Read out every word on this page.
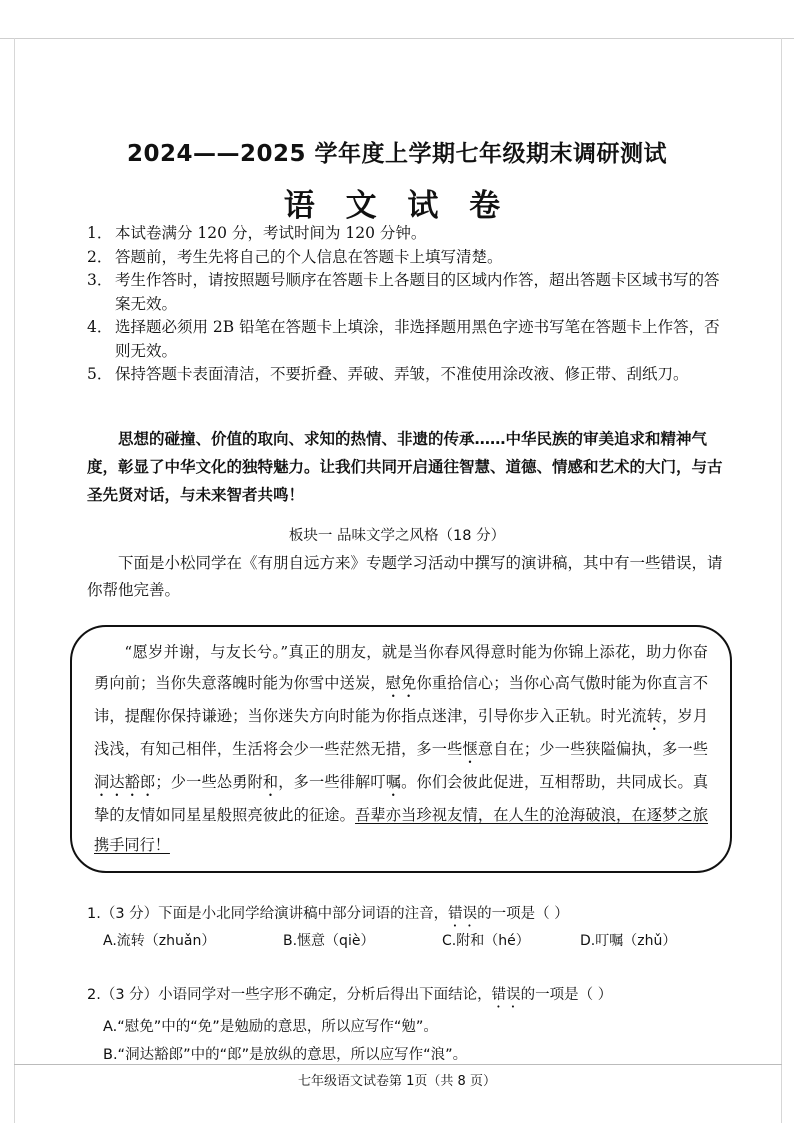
2024——2025 学年度上学期七年级期末调研测试
语 文 试 卷
1． 本试卷满分 120 分，考试时间为 120 分钟。
2． 答题前，考生先将自己的个人信息在答题卡上填写清楚。
3． 考生作答时，请按照题号顺序在答题卡上各题目的区域内作答，超出答题卡区域书写的答案无效。
4． 选择题必须用 2B 铅笔在答题卡上填涂，非选择题用黑色字迹书写笔在答题卡上作答，否则无效。
5． 保持答题卡表面清洁，不要折叠、弄破、弄皱，不准使用涂改液、修正带、刮纸刀。
思想的碰撞、价值的取向、求知的热情、非遗的传承……中华民族的审美追求和精神气度，彰显了中华文化的独特魅力。让我们共同开启通往智慧、道德、情感和艺术的大门，与古圣先贤对话，与未来智者共鸣！
板块一 品味文学之风格（18 分）
下面是小松同学在《有朋自远方来》专题学习活动中撰写的演讲稿，其中有一些错误，请你帮他完善。
“愿岁并谢，与友长兮。”真正的朋友，就是当你春风得意时能为你锦上添花，助力你奋勇向前；当你失意落魄时能为你雪中送炭，慰免你重拾信心；当你心高气傲时能为你直言不讳，提醒你保持谦逊；当你迷失方向时能为你指点迷津，引导你步入正轨。时光流转，岁月浅浅，有知己相伴，生活将会少一些茫然无措，多一些惬意自在；少一些狭隘偏执，多一些洞达豁郎；少一些怂勇附和，多一些徘解叮嘱。你们会彼此促进，互相帮助，共同成长。真挚的友情如同星星般照亮彼此的征途。吾辈亦当珍视友情，在人生的沧海破浪，在逐梦之旅携手同行！
1.（3 分）下面是小北同学给演讲稿中部分词语的注音，错误的一项是（ ）
A.流转（zhuǎn）	B.惬意（qiè）	C.附和（hé）	D.叮嘱（zhǔ）
2.（3 分）小语同学对一些字形不确定，分析后得出下面结论，错误的一项是（ ）
A.“慰免”中的“免”是勉励的意思，所以应写作“勉”。
B.“洞达豁郎”中的“郎”是放纵的意思，所以应写作“浪”。
七年级语文试卷第 1页（共 8 页）
